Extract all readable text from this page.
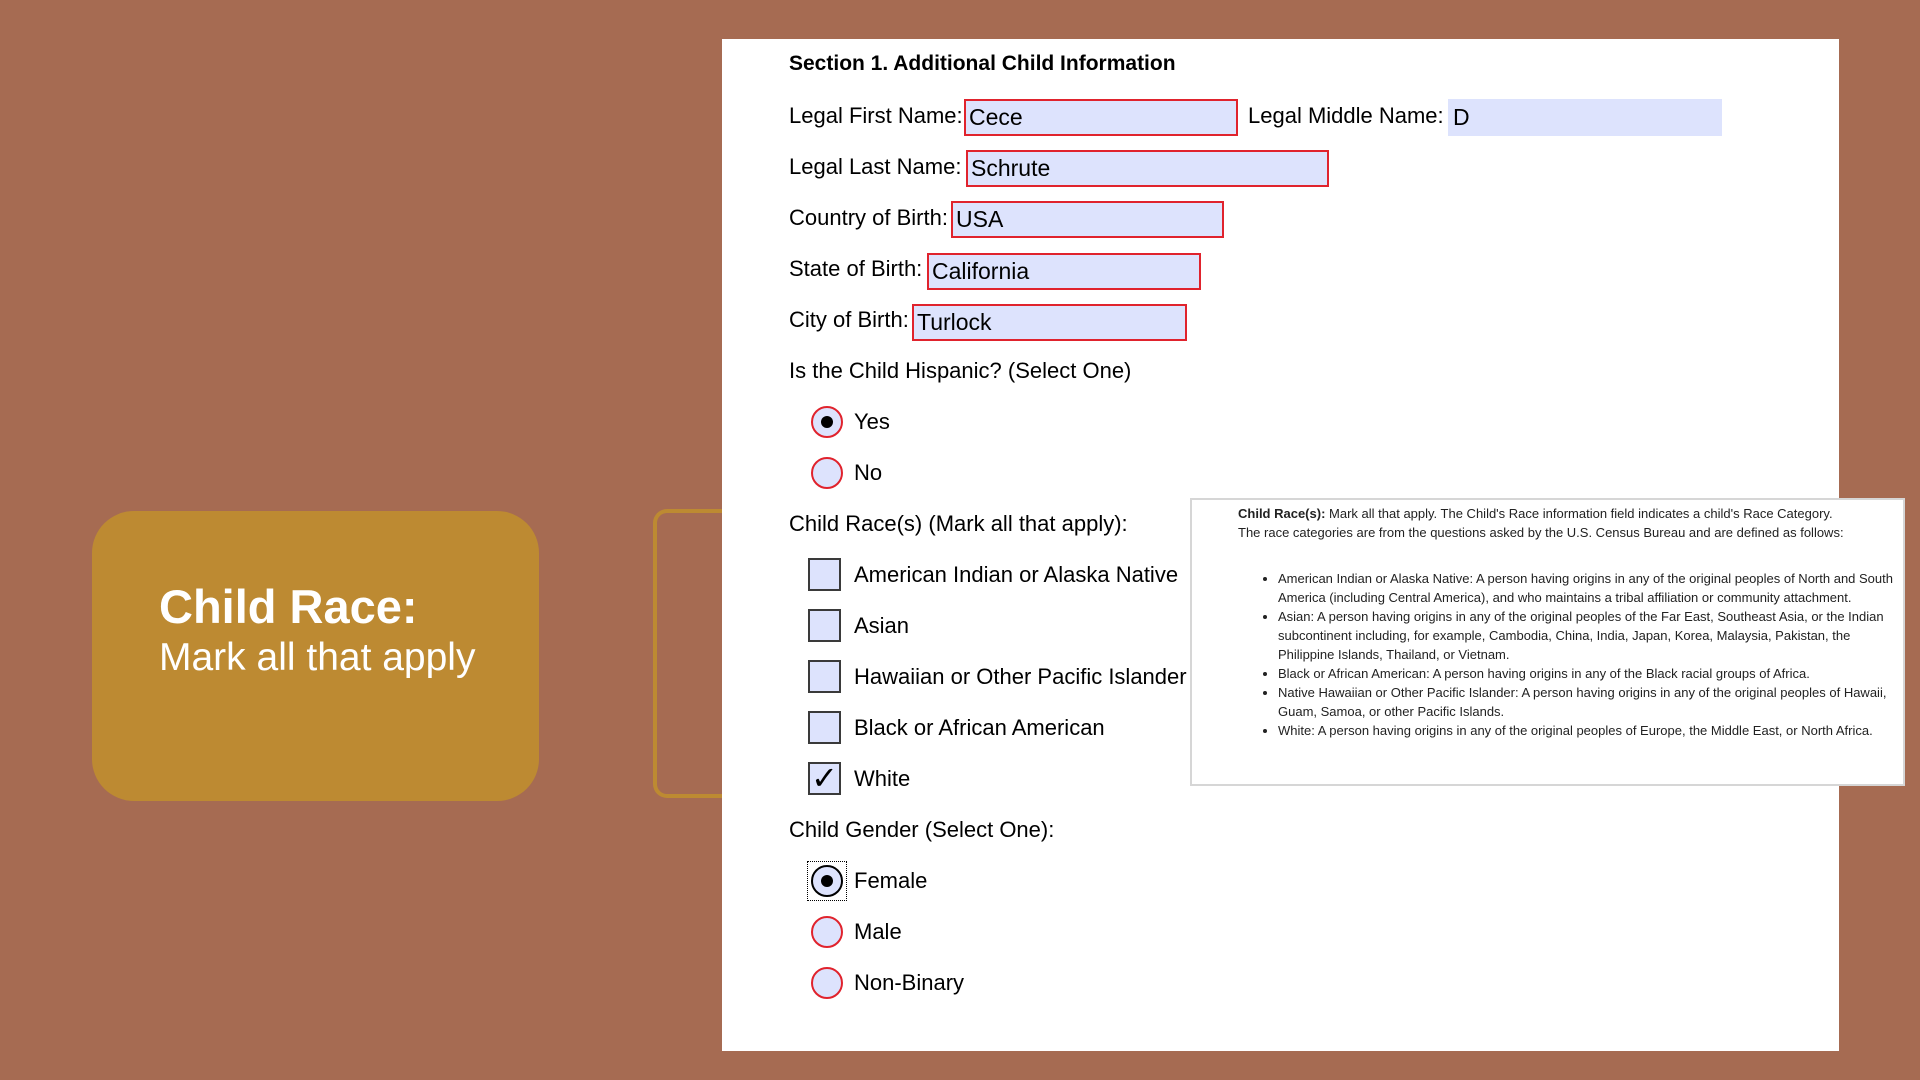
Child Race:
Mark all that apply
Section 1. Additional Child Information
Legal First Name: Cece	Legal Middle Name: D
Legal Last Name: Schrute
Country of Birth: USA
State of Birth: California
City of Birth: Turlock
Is the Child Hispanic? (Select One)
Yes
No
Child Race(s) (Mark all that apply):
American Indian or Alaska Native
Asian
Hawaiian or Other Pacific Islander
Black or African American
✓ White
Child Gender (Select One):
Female
Male
Non-Binary
Child Race(s): Mark all that apply. The Child's Race information field indicates a child's Race Category. The race categories are from the questions asked by the U.S. Census Bureau and are defined as follows:
• American Indian or Alaska Native: A person having origins in any of the original peoples of North and South America (including Central America), and who maintains a tribal affiliation or community attachment.
• Asian: A person having origins in any of the original peoples of the Far East, Southeast Asia, or the Indian subcontinent including, for example, Cambodia, China, India, Japan, Korea, Malaysia, Pakistan, the Philippine Islands, Thailand, or Vietnam.
• Black or African American: A person having origins in any of the Black racial groups of Africa.
• Native Hawaiian or Other Pacific Islander: A person having origins in any of the original peoples of Hawaii, Guam, Samoa, or other Pacific Islands.
• White: A person having origins in any of the original peoples of Europe, the Middle East, or North Africa.
